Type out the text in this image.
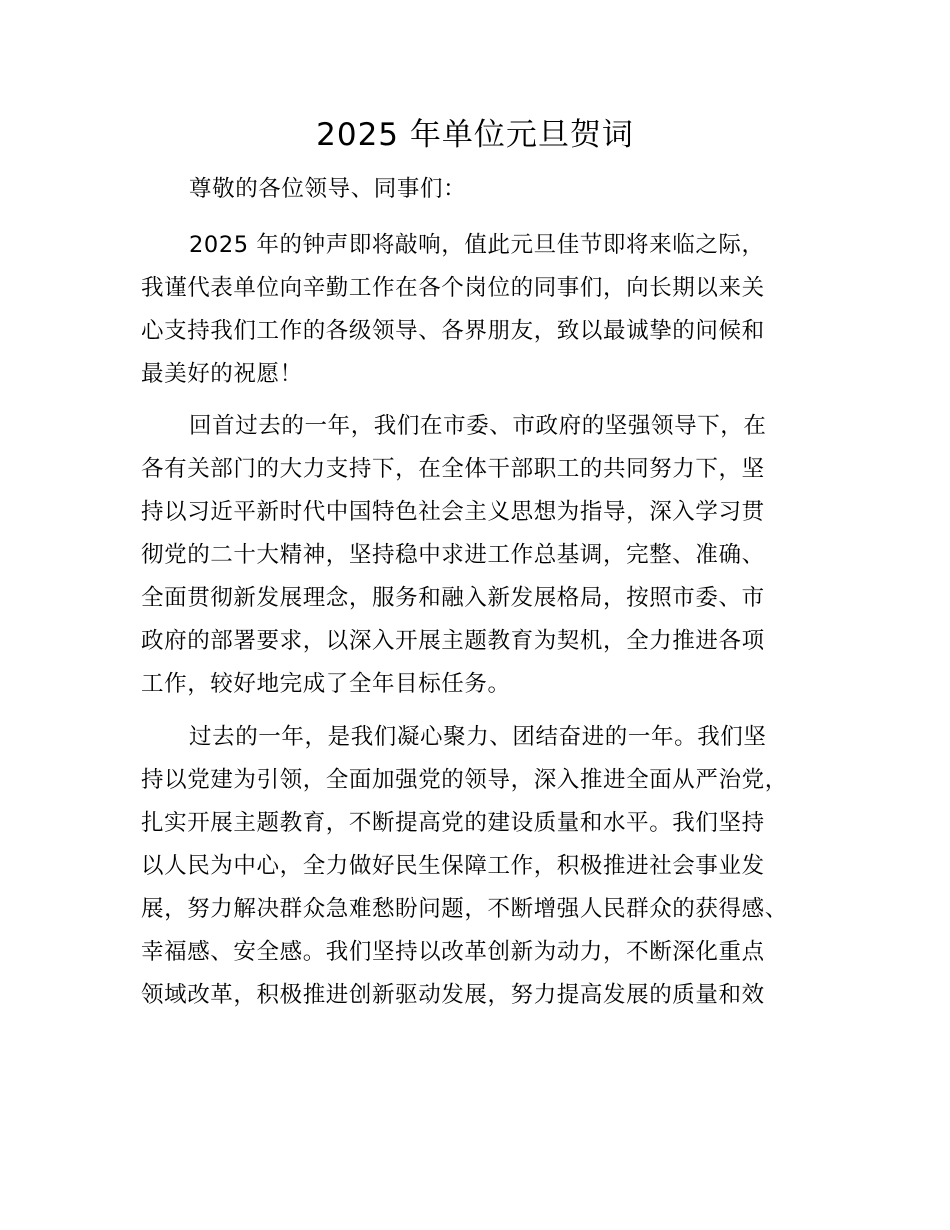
2025 年单位元旦贺词
尊敬的各位领导、同事们：
2025 年的钟声即将敲响，值此元旦佳节即将来临之际，
我谨代表单位向辛勤工作在各个岗位的同事们，向长期以来关
心支持我们工作的各级领导、各界朋友，致以最诚挚的问候和
最美好的祝愿！
回首过去的一年，我们在市委、市政府的坚强领导下，在
各有关部门的大力支持下，在全体干部职工的共同努力下，坚
持以习近平新时代中国特色社会主义思想为指导，深入学习贯
彻党的二十大精神，坚持稳中求进工作总基调，完整、准确、
全面贯彻新发展理念，服务和融入新发展格局，按照市委、市
政府的部署要求，以深入开展主题教育为契机，全力推进各项
工作，较好地完成了全年目标任务。
过去的一年，是我们凝心聚力、团结奋进的一年。我们坚
持以党建为引领，全面加强党的领导，深入推进全面从严治党，
扎实开展主题教育，不断提高党的建设质量和水平。我们坚持
以人民为中心，全力做好民生保障工作，积极推进社会事业发
展，努力解决群众急难愁盼问题，不断增强人民群众的获得感、
幸福感、安全感。我们坚持以改革创新为动力，不断深化重点
领域改革，积极推进创新驱动发展，努力提高发展的质量和效
